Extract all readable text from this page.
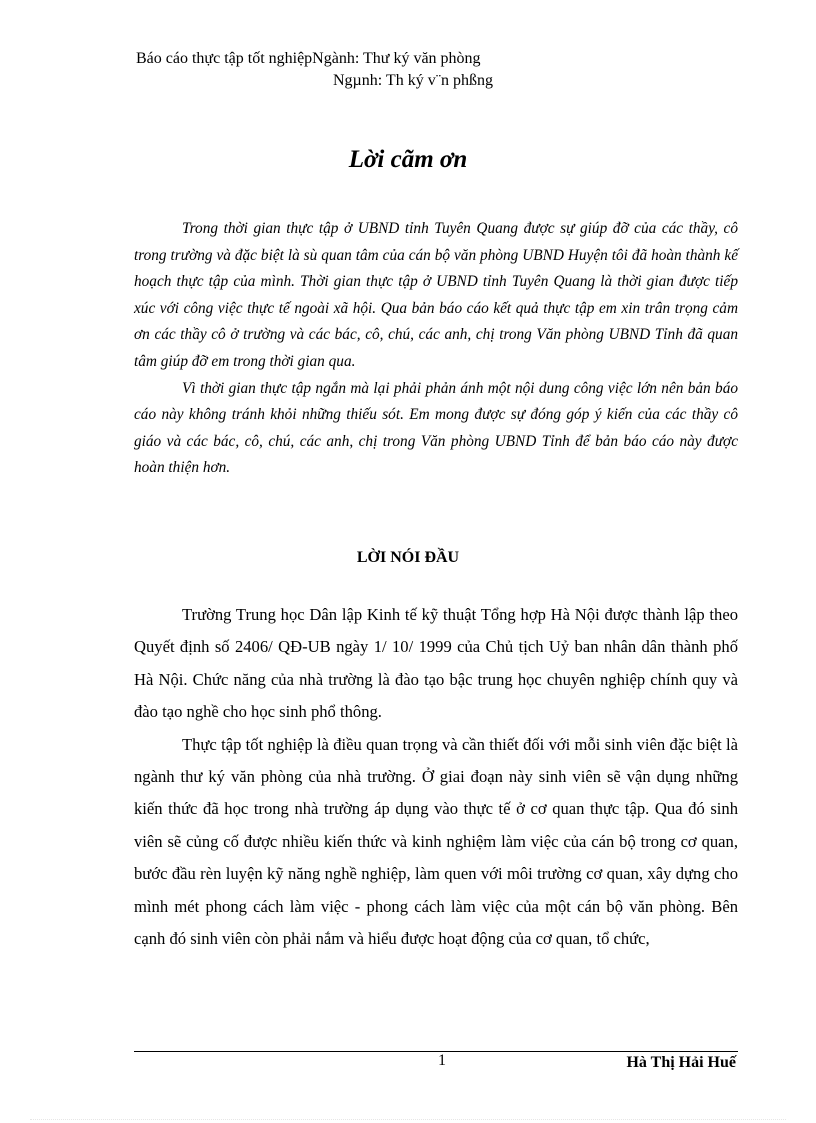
Báo cáo thực tập tốt nghiệpNgành: Thư ký văn phòng
Ngµnh: Th ký v¨n phßng
Lời cãm ơn

Trong thời gian thực tập ở UBND tỉnh Tuyên Quang được sự giúp đỡ của các thầy, cô trong trường và đặc biệt là sù quan tâm của cán bộ văn phòng UBND Huyện tôi đã hoàn thành kế hoạch thực tập của mình. Thời gian thực tập ở UBND tỉnh Tuyên Quang là thời gian được tiếp xúc với công việc thực tế ngoài xã hội. Qua bản báo cáo kết quả thực tập em xin trân trọng cảm ơn các thầy cô ở trường và các bác, cô, chú, các anh, chị trong Văn phòng UBND Tỉnh đã quan tâm giúp đỡ em trong thời gian qua.

Vì thời gian thực tập ngắn mà lại phải phản ánh một nội dung công việc lớn nên bản báo cáo này không tránh khỏi những thiếu sót. Em mong được sự đóng góp ý kiến của các thầy cô giáo và các bác, cô, chú, các anh, chị trong Văn phòng UBND Tỉnh để bản báo cáo này được hoàn thiện hơn.

LỜI NÓI ĐẦU

Trường Trung học Dân lập Kinh tế kỹ thuật Tổng hợp Hà Nội được thành lập theo Quyết định số 2406/ QĐ-UB ngày 1/ 10/ 1999 của Chủ tịch Uỷ ban nhân dân thành phố Hà Nội. Chức năng của nhà trường là đào tạo bậc trung học chuyên nghiệp chính quy và đào tạo nghề cho học sinh phổ thông.

Thực tập tốt nghiệp là điều quan trọng và cần thiết đối với mỗi sinh viên đặc biệt là ngành thư ký văn phòng của nhà trường. Ở giai đoạn này sinh viên sẽ vận dụng những kiến thức đã học trong nhà trường áp dụng vào thực tế ở cơ quan thực tập. Qua đó sinh viên sẽ củng cố được nhiều kiến thức và kinh nghiệm làm việc của cán bộ trong cơ quan, bước đầu rèn luyện kỹ năng nghề nghiệp, làm quen với môi trường cơ quan, xây dựng cho mình mét phong cách làm việc - phong cách làm việc của một cán bộ văn phòng. Bên cạnh đó sinh viên còn phải nắm và hiểu được hoạt động của cơ quan, tổ chức,

1	Hà Thị Hải Huế
